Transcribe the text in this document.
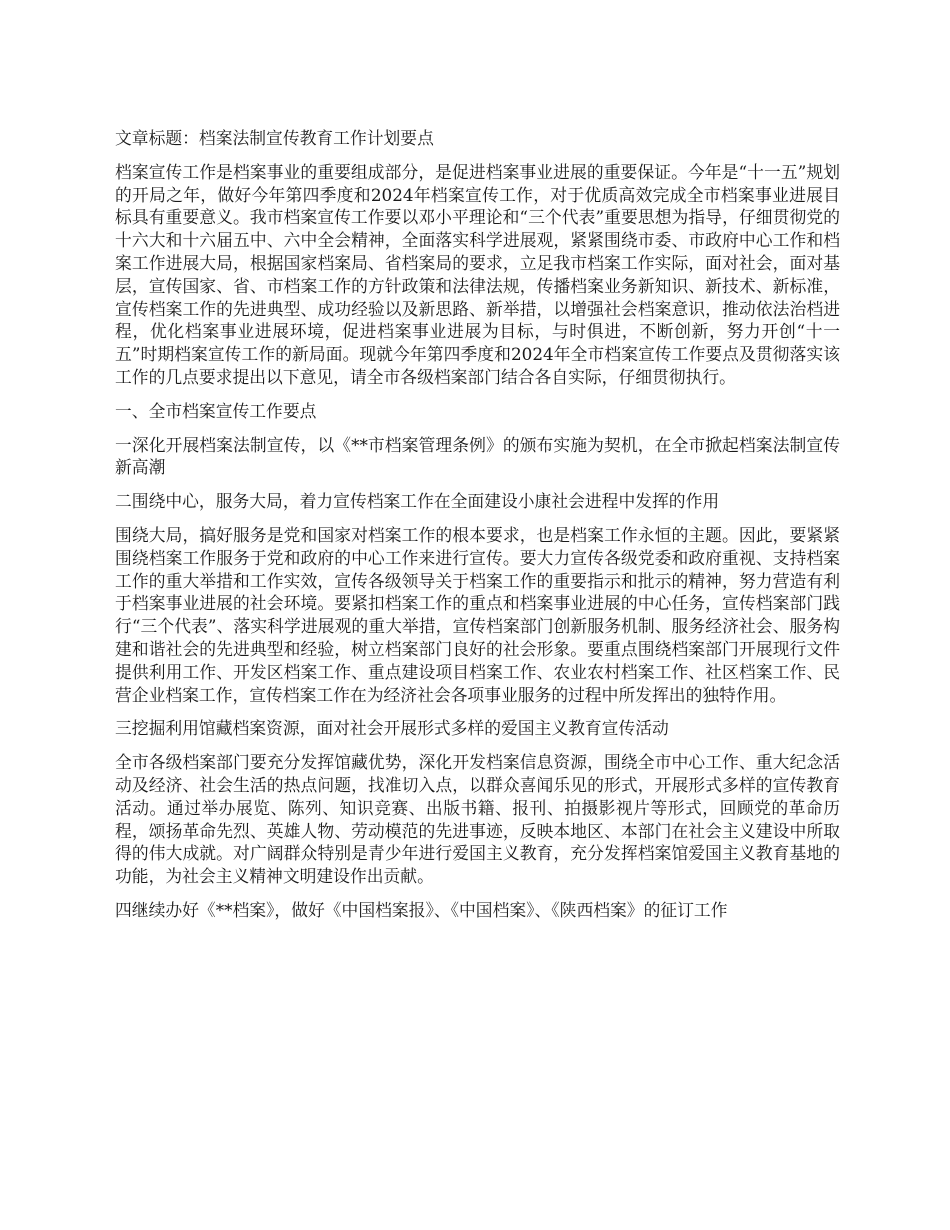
文章标题：档案法制宣传教育工作计划要点

档案宣传工作是档案事业的重要组成部分，是促进档案事业进展的重要保证。今年是“十一五”规划的开局之年，做好今年第四季度和2024年档案宣传工作，对于优质高效完成全市档案事业进展目标具有重要意义。我市档案宣传工作要以邓小平理论和“三个代表”重要思想为指导，仔细贯彻党的十六大和十六届五中、六中全会精神，全面落实科学进展观，紧紧围绕市委、市政府中心工作和档案工作进展大局，根据国家档案局、省档案局的要求，立足我市档案工作实际，面对社会，面对基层，宣传国家、省、市档案工作的方针政策和法律法规，传播档案业务新知识、新技术、新标准，宣传档案工作的先进典型、成功经验以及新思路、新举措，以增强社会档案意识，推动依法治档进程，优化档案事业进展环境，促进档案事业进展为目标，与时俱进，不断创新，努力开创“十一五”时期档案宣传工作的新局面。现就今年第四季度和2024年全市档案宣传工作要点及贯彻落实该工作的几点要求提出以下意见，请全市各级档案部门结合各自实际，仔细贯彻执行。

一、全市档案宣传工作要点

一深化开展档案法制宣传，以《**市档案管理条例》的颁布实施为契机，在全市掀起档案法制宣传新高潮

二围绕中心，服务大局，着力宣传档案工作在全面建设小康社会进程中发挥的作用

围绕大局，搞好服务是党和国家对档案工作的根本要求，也是档案工作永恒的主题。因此，要紧紧围绕档案工作服务于党和政府的中心工作来进行宣传。要大力宣传各级党委和政府重视、支持档案工作的重大举措和工作实效，宣传各级领导关于档案工作的重要指示和批示的精神，努力营造有利于档案事业进展的社会环境。要紧扣档案工作的重点和档案事业进展的中心任务，宣传档案部门践行“三个代表”、落实科学进展观的重大举措，宣传档案部门创新服务机制、服务经济社会、服务构建和谐社会的先进典型和经验，树立档案部门良好的社会形象。要重点围绕档案部门开展现行文件提供利用工作、开发区档案工作、重点建设项目档案工作、农业农村档案工作、社区档案工作、民营企业档案工作，宣传档案工作在为经济社会各项事业服务的过程中所发挥出的独特作用。

三挖掘利用馆藏档案资源，面对社会开展形式多样的爱国主义教育宣传活动

全市各级档案部门要充分发挥馆藏优势，深化开发档案信息资源，围绕全市中心工作、重大纪念活动及经济、社会生活的热点问题，找准切入点，以群众喜闻乐见的形式，开展形式多样的宣传教育活动。通过举办展览、陈列、知识竞赛、出版书籍、报刊、拍摄影视片等形式，回顾党的革命历程，颂扬革命先烈、英雄人物、劳动模范的先进事迹，反映本地区、本部门在社会主义建设中所取得的伟大成就。对广阔群众特别是青少年进行爱国主义教育，充分发挥档案馆爱国主义教育基地的功能，为社会主义精神文明建设作出贡献。

四继续办好《**档案》，做好《中国档案报》、《中国档案》、《陕西档案》的征订工作
